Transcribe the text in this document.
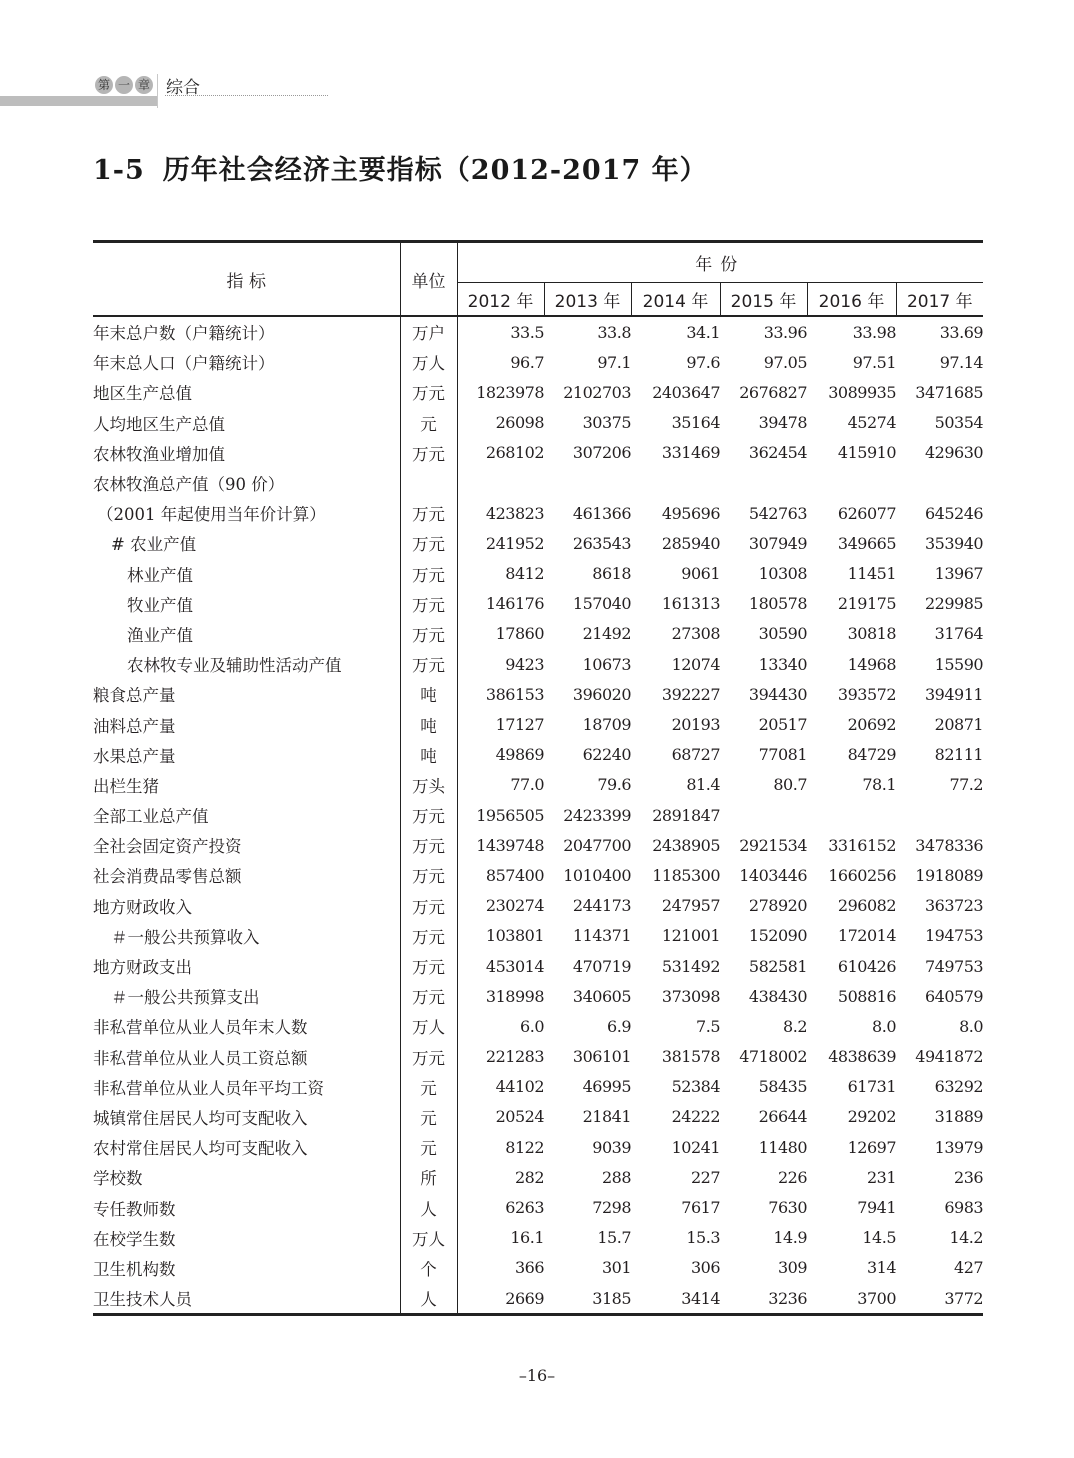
第 一 章 综合
1-5 历年社会经济主要指标（2012-2017 年）
指 标	单位	年份					
		2012 年	2013 年	2014 年	2015 年	2016 年	2017 年
年末总户数（户籍统计）	万户	33.5	33.8	34.1	33.96	33.98	33.69
年末总人口（户籍统计）	万人	96.7	97.1	97.6	97.05	97.51	97.14
地区生产总值	万元	1823978	2102703	2403647	2676827	3089935	3471685
人均地区生产总值	元	26098	30375	35164	39478	45274	50354
农林牧渔业增加值	万元	268102	307206	331469	362454	415910	429630
农林牧渔总产值（90 价）							
（2001 年起使用当年价计算）	万元	423823	461366	495696	542763	626077	645246
# 农业产值	万元	241952	263543	285940	307949	349665	353940
林业产值	万元	8412	8618	9061	10308	11451	13967
牧业产值	万元	146176	157040	161313	180578	219175	229985
渔业产值	万元	17860	21492	27308	30590	30818	31764
农林牧专业及辅助性活动产值	万元	9423	10673	12074	13340	14968	15590
粮食总产量	吨	386153	396020	392227	394430	393572	394911
油料总产量	吨	17127	18709	20193	20517	20692	20871
水果总产量	吨	49869	62240	68727	77081	84729	82111
出栏生猪	万头	77.0	79.6	81.4	80.7	78.1	77.2
全部工业总产值	万元	1956505	2423399	2891847			
全社会固定资产投资	万元	1439748	2047700	2438905	2921534	3316152	3478336
社会消费品零售总额	万元	857400	1010400	1185300	1403446	1660256	1918089
地方财政收入	万元	230274	244173	247957	278920	296082	363723
＃一般公共预算收入	万元	103801	114371	121001	152090	172014	194753
地方财政支出	万元	453014	470719	531492	582581	610426	749753
＃一般公共预算支出	万元	318998	340605	373098	438430	508816	640579
非私营单位从业人员年末人数	万人	6.0	6.9	7.5	8.2	8.0	8.0
非私营单位从业人员工资总额	万元	221283	306101	381578	4718002	4838639	4941872
非私营单位从业人员年平均工资	元	44102	46995	52384	58435	61731	63292
城镇常住居民人均可支配收入	元	20524	21841	24222	26644	29202	31889
农村常住居民人均可支配收入	元	8122	9039	10241	11480	12697	13979
学校数	所	282	288	227	226	231	236
专任教师数	人	6263	7298	7617	7630	7941	6983
在校学生数	万人	16.1	15.7	15.3	14.9	14.5	14.2
卫生机构数	个	366	301	306	309	314	427
卫生技术人员	人	2669	3185	3414	3236	3700	3772
–16–
